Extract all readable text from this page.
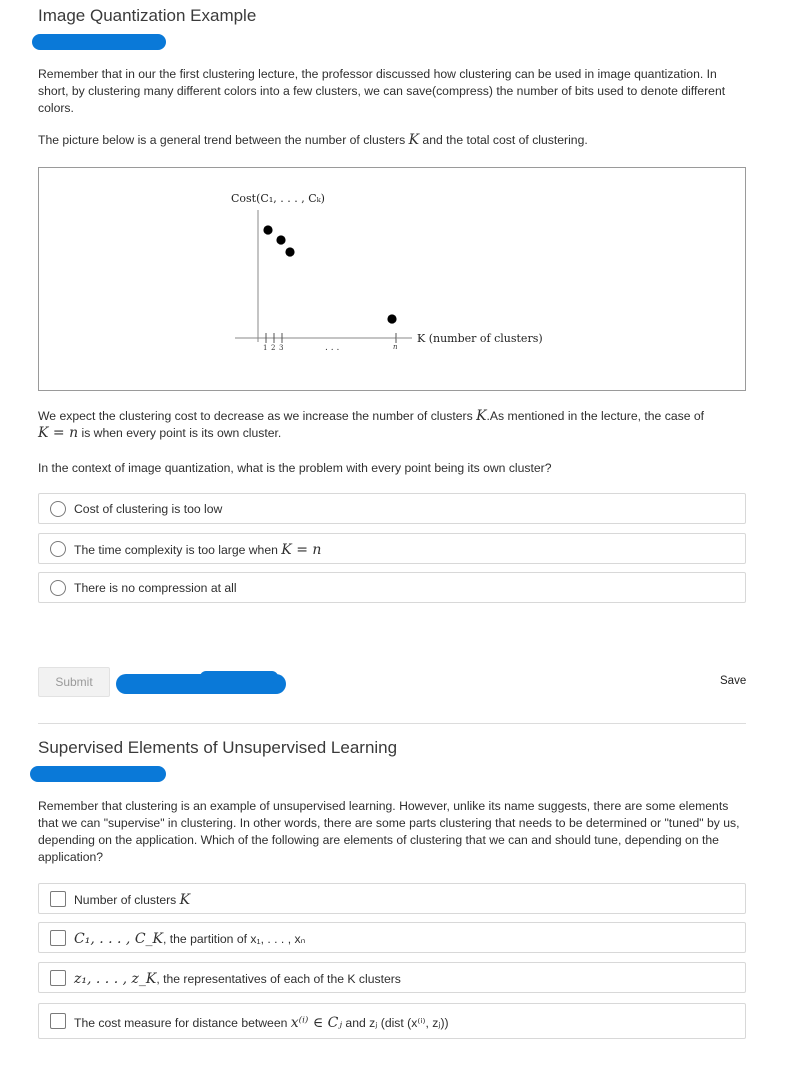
Image Quantization Example
Remember that in our the first clustering lecture, the professor discussed how clustering can be used in image quantization. In short, by clustering many different colors into a few clusters, we can save(compress) the number of bits used to denote different colors.
The picture below is a general trend between the number of clusters K and the total cost of clustering.
Cost(C₁, . . . , Cₖ)
1 2 3	. . .	n
K (number of clusters)
We expect the clustering cost to decrease as we increase the number of clusters K.As mentioned in the lecture, the case of
K = n is when every point is its own cluster.
In the context of image quantization, what is the problem with every point being its own cluster?
Cost of clustering is too low
The time complexity is too large when K = n
There is no compression at all
Submit	Save
Supervised Elements of Unsupervised Learning
Remember that clustering is an example of unsupervised learning. However, unlike its name suggests, there are some elements that we can "supervise" in clustering. In other words, there are some parts clustering that needs to be determined or "tuned" by us, depending on the application. Which of the following are elements of clustering that we can and should tune, depending on the application?
Number of clusters K
C₁, . . . , C_K, the partition of x₁, . . . , xₙ
z₁, . . . , z_K, the representatives of each of the K clusters
The cost measure for distance between x⁽ⁱ⁾ ∈ Cⱼ and zⱼ (dist (x⁽ⁱ⁾, zⱼ))
